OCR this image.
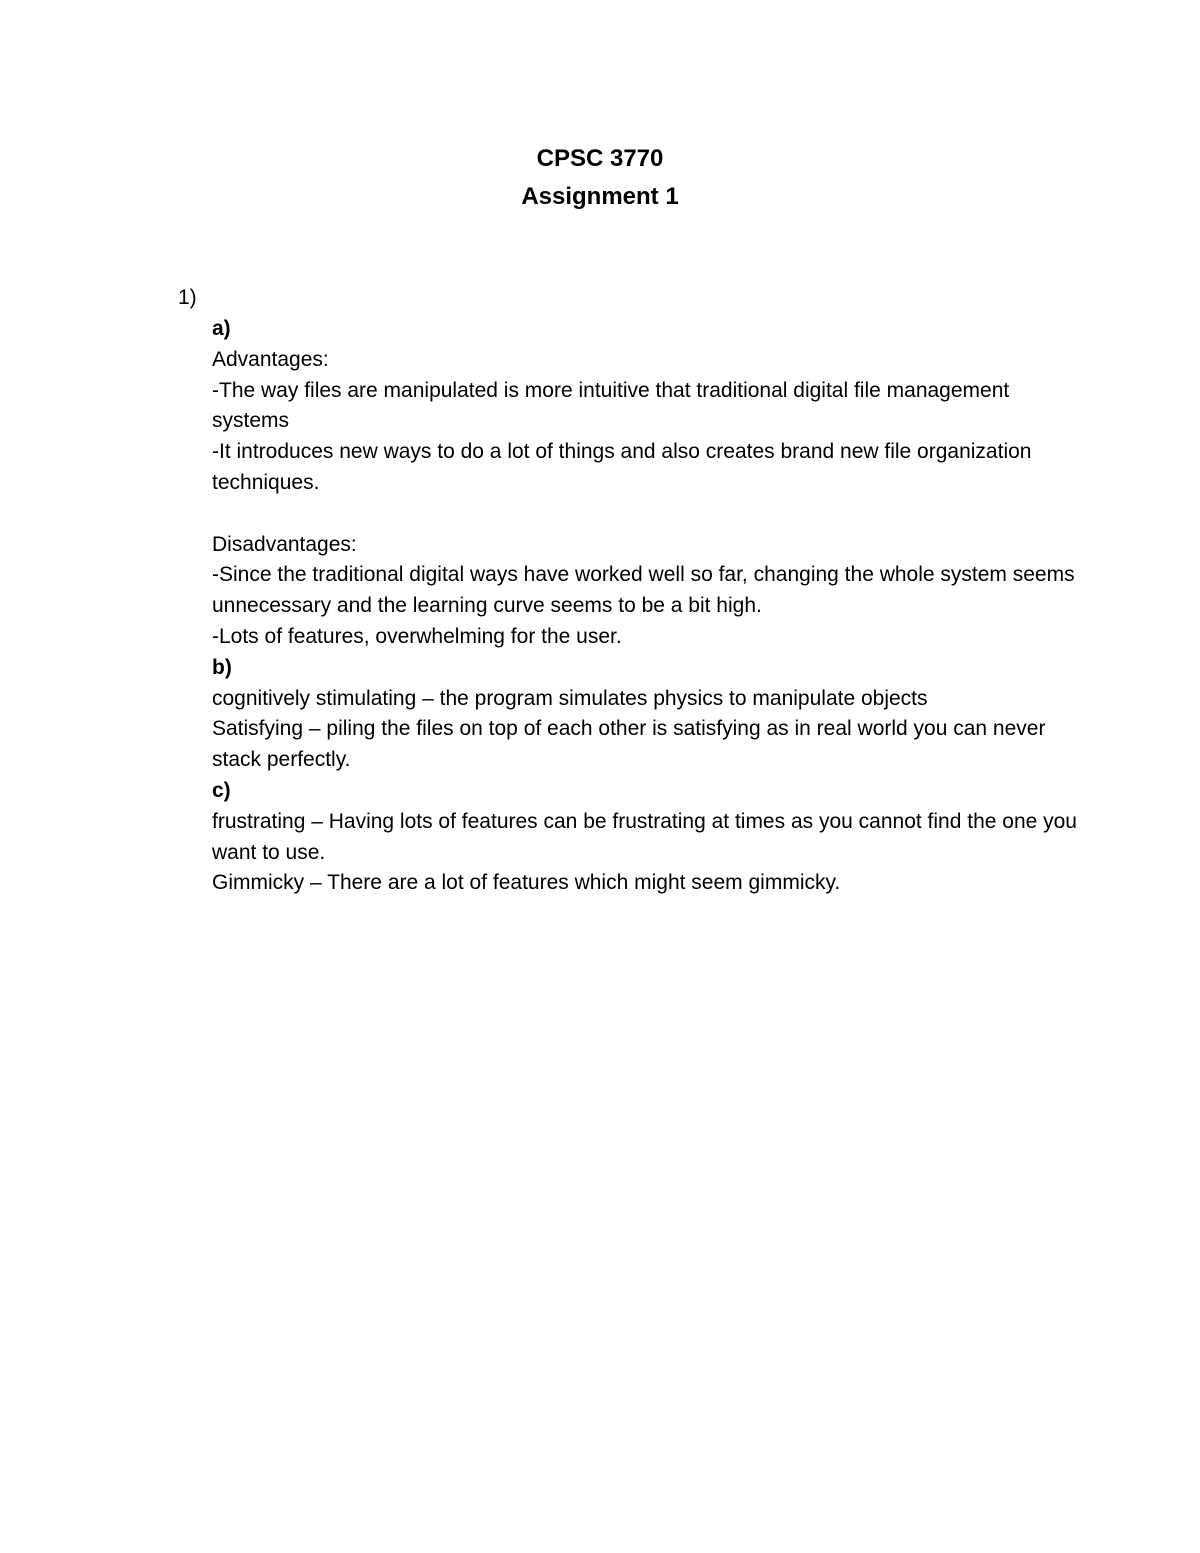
CPSC 3770

Assignment 1

1)

a)

Advantages:

-The way files are manipulated is more intuitive that traditional digital file management systems

-It introduces new ways to do a lot of things and also creates brand new file organization techniques.

Disadvantages:

-Since the traditional digital ways have worked well so far, changing the whole system seems unnecessary and the learning curve seems to be a bit high.

-Lots of features, overwhelming for the user.

b)

cognitively stimulating – the program simulates physics to manipulate objects

Satisfying – piling the files on top of each other is satisfying as in real world you can never stack perfectly.

c)

frustrating – Having lots of features can be frustrating at times as you cannot find the one you want to use.

Gimmicky – There are a lot of features which might seem gimmicky.
